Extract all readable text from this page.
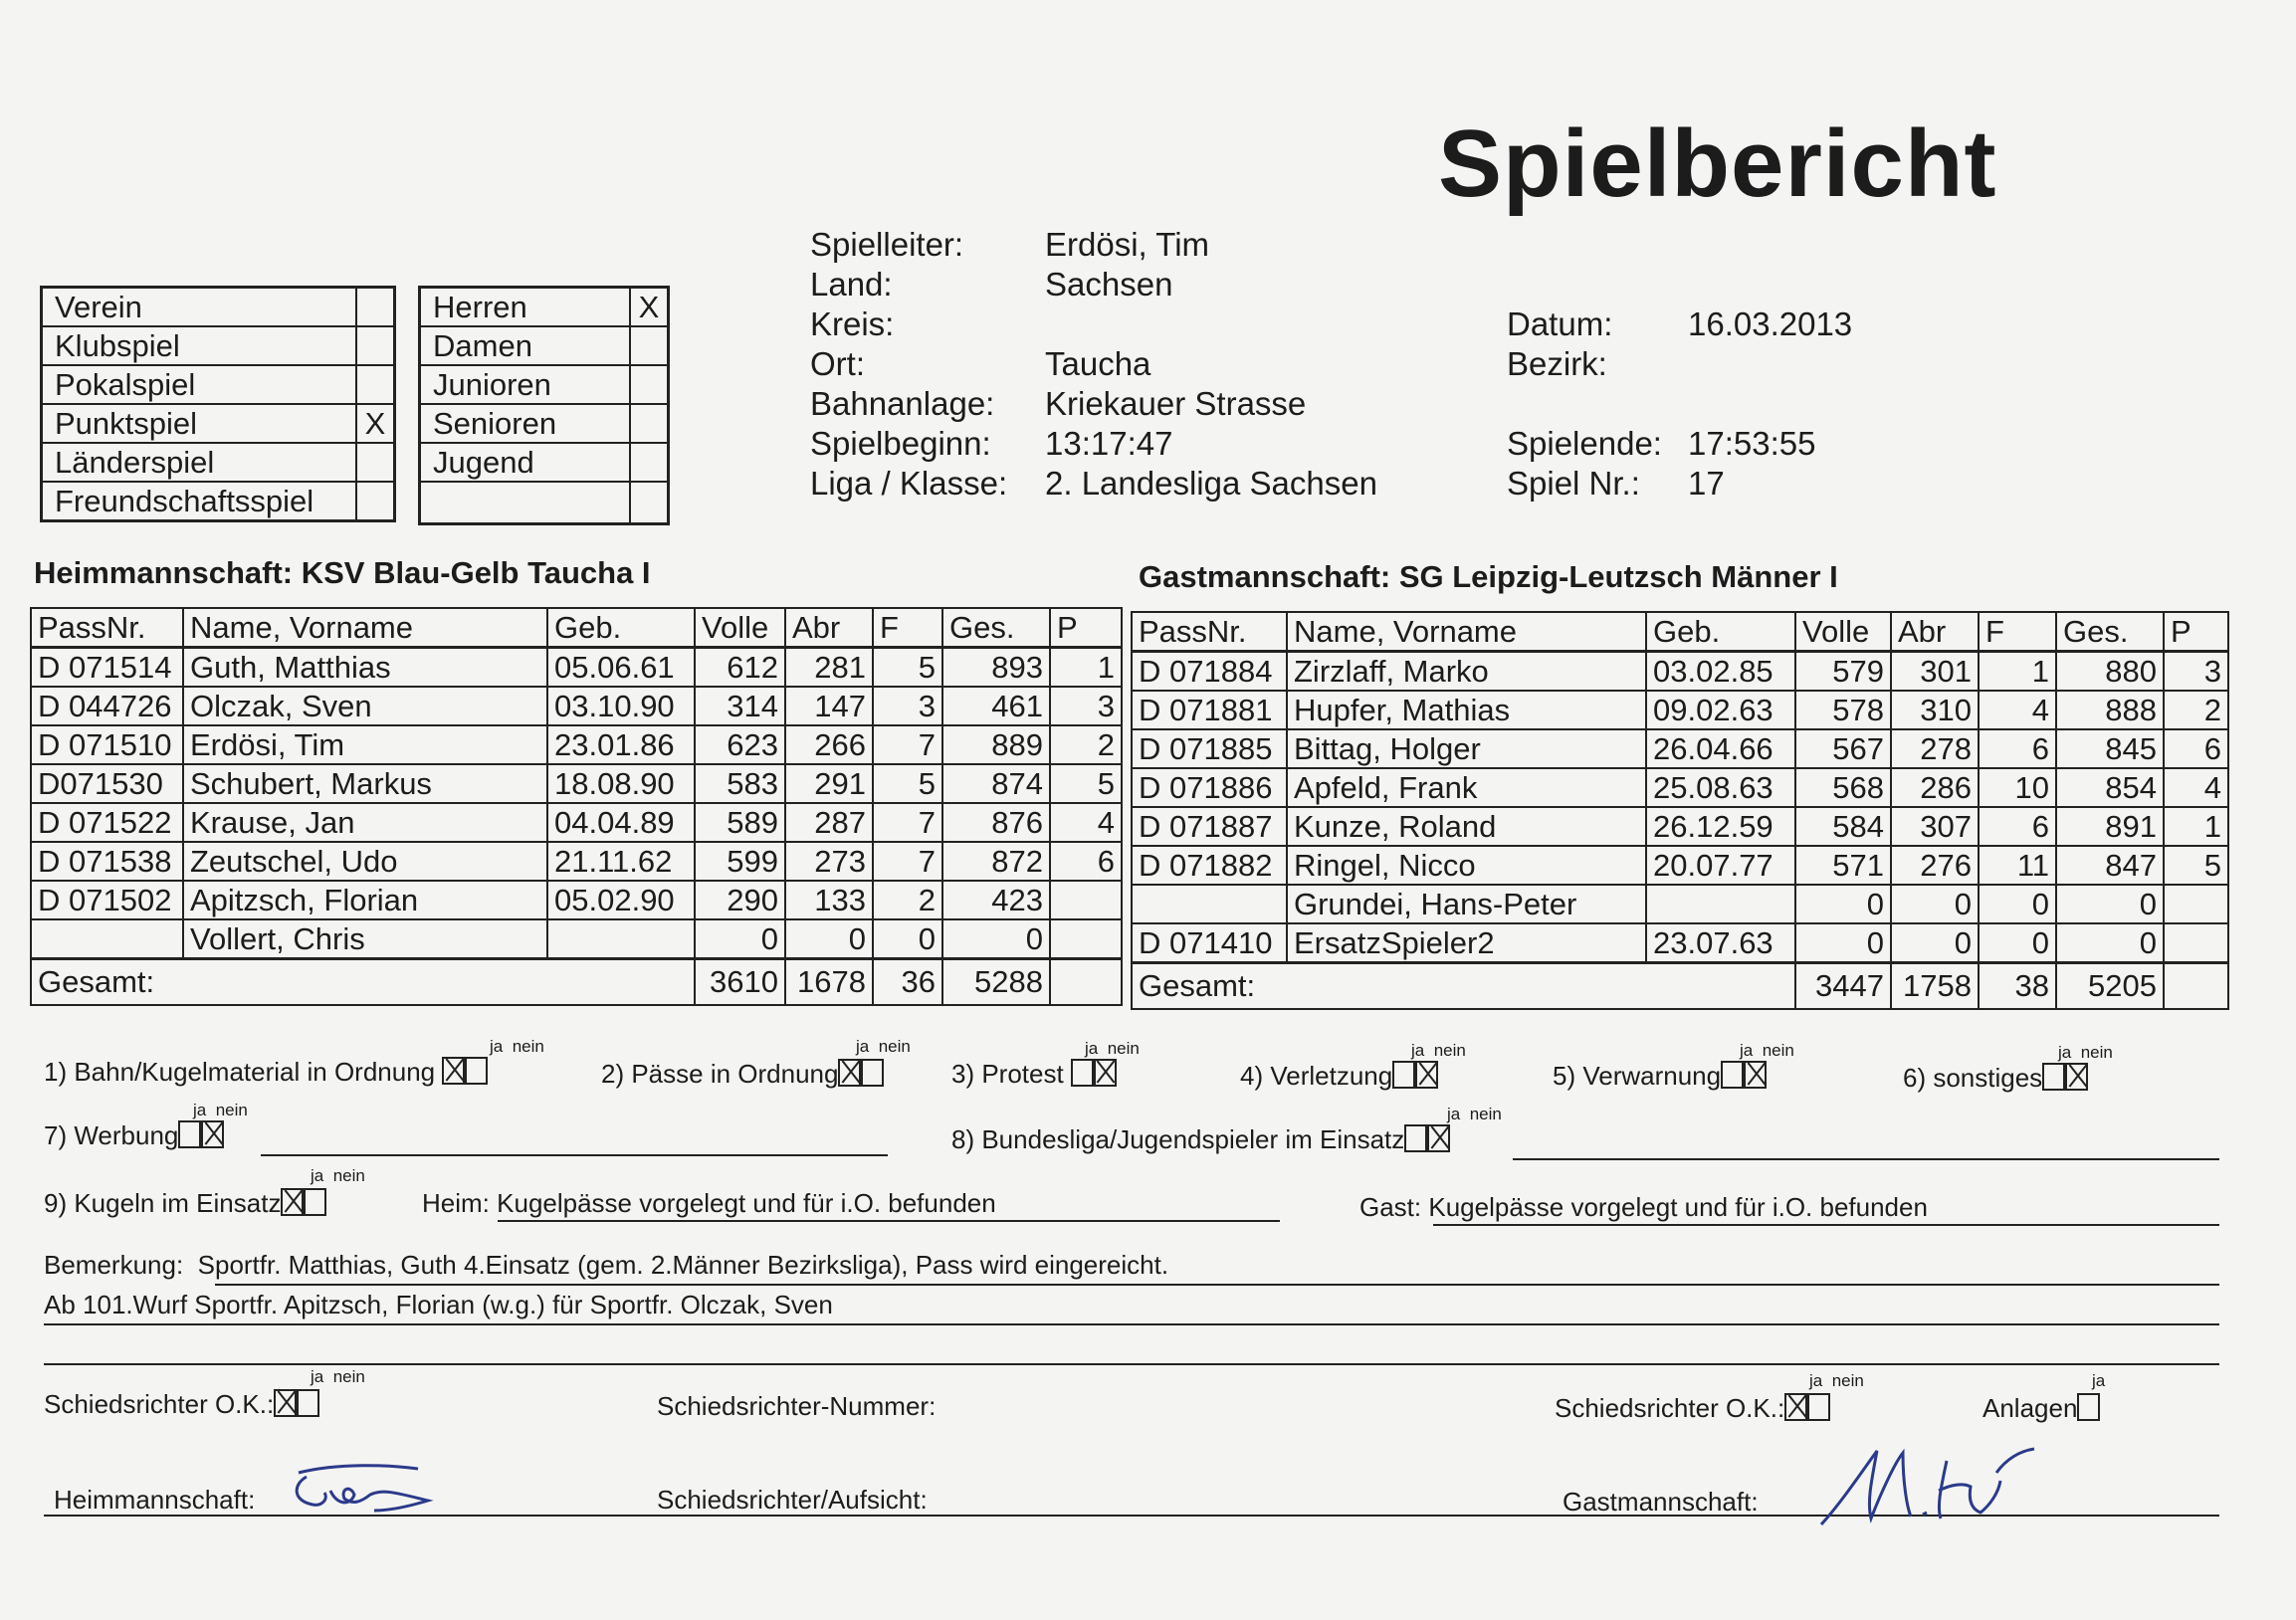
Spielbericht
Verein	
Klubspiel	
Pokalspiel	
Punktspiel	X
Länderspiel	
Freundschaftsspiel	
Herren	X
Damen	
Junioren	
Senioren	
Jugend	

Spielleiter:	Erdösi, Tim
Land:	Sachsen
Kreis:
Ort:	Taucha
Bahnanlage:	Kriekauer Strasse
Spielbeginn:	13:17:47
Liga / Klasse:	2. Landesliga Sachsen
Datum:	16.03.2013
Bezirk:
Spielende: 17:53:55
Spiel Nr.:	17
Heimmannschaft: KSV Blau-Gelb Taucha I	Gastmannschaft: SG Leipzig-Leutzsch Männer I
PassNr.	Name, Vorname	Geb.	Volle	Abr	F	Ges.	P
D 071514	Guth, Matthias	05.06.61	612	281	5	893	1
D 044726	Olczak, Sven	03.10.90	314	147	3	461	3
D 071510	Erdösi, Tim	23.01.86	623	266	7	889	2
D071530	Schubert, Markus	18.08.90	583	291	5	874	5
D 071522	Krause, Jan	04.04.89	589	287	7	876	4
D 071538	Zeutschel, Udo	21.11.62	599	273	7	872	6
D 071502	Apitzsch, Florian	05.02.90	290	133	2	423	
	Vollert, Chris		0	0	0	0	
Gesamt:			3610	1678	36	5288	
PassNr.	Name, Vorname	Geb.	Volle	Abr	F	Ges.	P
D 071884	Zirzlaff, Marko	03.02.85	579	301	1	880	3
D 071881	Hupfer, Mathias	09.02.63	578	310	4	888	2
D 071885	Bittag, Holger	26.04.66	567	278	6	845	6
D 071886	Apfeld, Frank	25.08.63	568	286	10	854	4
D 071887	Kunze, Roland	26.12.59	584	307	6	891	1
D 071882	Ringel, Nicco	20.07.77	571	276	11	847	5
	Grundei, Hans-Peter		0	0	0	0	
D 071410	ErsatzSpieler2	23.07.63	0	0	0	0	
Gesamt:			3447	1758	38	5205	
1) Bahn/Kugelmaterial in Ordnung
ja nein
2) Pässe in Ordnung
ja nein
3) Protest
ja nein
4) Verletzung
ja nein
5) Verwarnung
ja nein
6) sonstiges
ja nein
7) Werbung
ja nein
8) Bundesliga/Jugendspieler im Einsatz
ja nein
9) Kugeln im Einsatz
ja nein
Heim: Kugelpässe vorgelegt und für i.O. befunden	Gast: Kugelpässe vorgelegt und für i.O. befunden
Bemerkung: Sportfr. Matthias, Guth 4.Einsatz (gem. 2.Männer Bezirksliga), Pass wird eingereicht.
Ab 101.Wurf Sportfr. Apitzsch, Florian (w.g.) für Sportfr. Olczak, Sven
Schiedsrichter O.K.:
ja nein
Schiedsrichter-Nummer:	Schiedsrichter O.K.:
ja nein
Anlagen
ja
Heimmannschaft:	Schiedsrichter/Aufsicht:	Gastmannschaft:
